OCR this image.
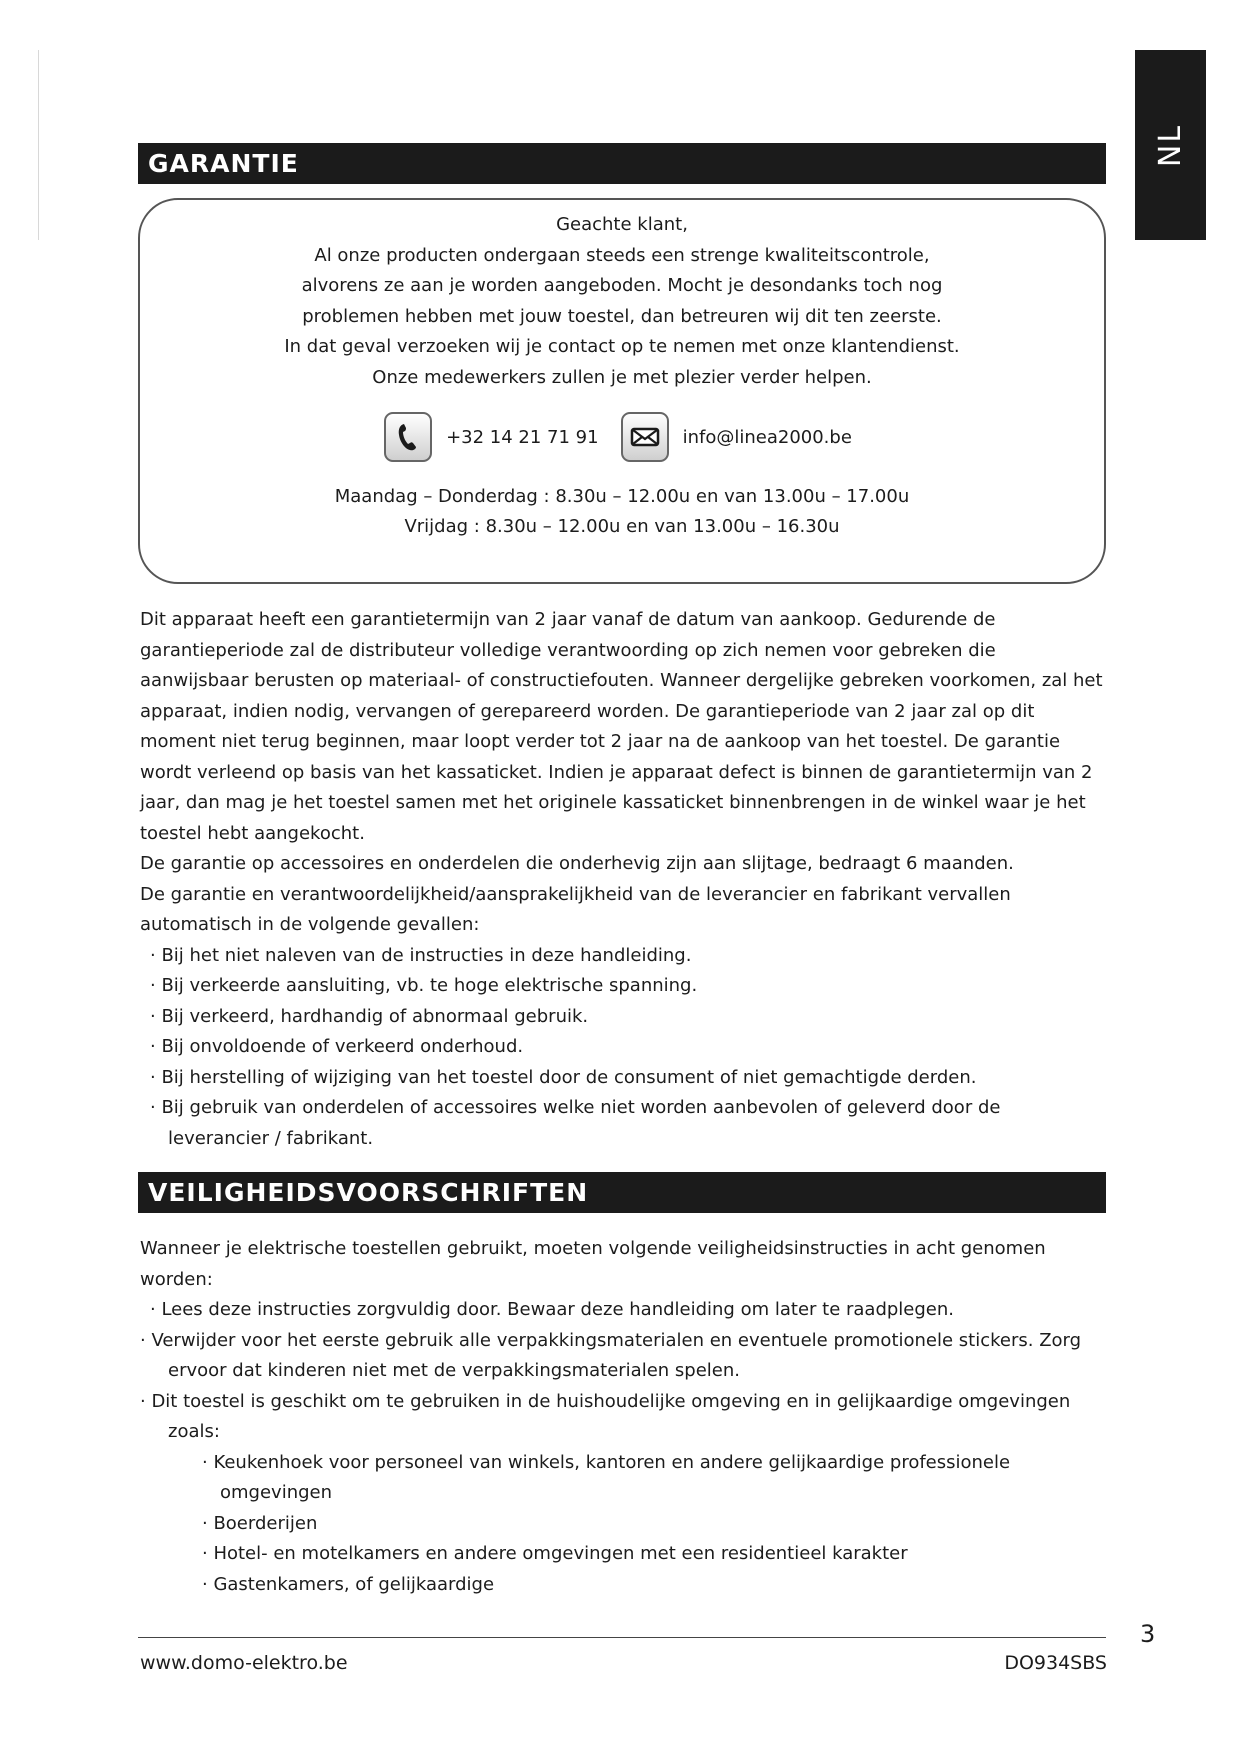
NL
GARANTIE
Geachte klant,
Al onze producten ondergaan steeds een strenge kwaliteitscontrole,
alvorens ze aan je worden aangeboden. Mocht je desondanks toch nog
problemen hebben met jouw toestel, dan betreuren wij dit ten zeerste.
In dat geval verzoeken wij je contact op te nemen met onze klantendienst.
Onze medewerkers zullen je met plezier verder helpen.
+32 14 21 71 91	info@linea2000.be
Maandag – Donderdag : 8.30u – 12.00u en van 13.00u – 17.00u
Vrijdag : 8.30u – 12.00u en van 13.00u – 16.30u

Dit apparaat heeft een garantietermijn van 2 jaar vanaf de datum van aankoop. Gedurende de garantieperiode zal de distributeur volledige verantwoording op zich nemen voor gebreken die aanwijsbaar berusten op materiaal- of constructiefouten. Wanneer dergelijke gebreken voorkomen, zal het apparaat, indien nodig, vervangen of gerepareerd worden. De garantieperiode van 2 jaar zal op dit moment niet terug beginnen, maar loopt verder tot 2 jaar na de aankoop van het toestel. De garantie wordt verleend op basis van het kassaticket. Indien je apparaat defect is binnen de garantietermijn van 2 jaar, dan mag je het toestel samen met het originele kassaticket binnenbrengen in de winkel waar je het toestel hebt aangekocht.

De garantie op accessoires en onderdelen die onderhevig zijn aan slijtage, bedraagt 6 maanden.

De garantie en verantwoordelijkheid/aansprakelijkheid van de leverancier en fabrikant vervallen automatisch in de volgende gevallen:

· Bij het niet naleven van de instructies in deze handleiding.
· Bij verkeerde aansluiting, vb. te hoge elektrische spanning.
· Bij verkeerd, hardhandig of abnormaal gebruik.
· Bij onvoldoende of verkeerd onderhoud.
· Bij herstelling of wijziging van het toestel door de consument of niet gemachtigde derden.
· Bij gebruik van onderdelen of accessoires welke niet worden aanbevolen of geleverd door de leverancier / fabrikant.
VEILIGHEIDSVOORSCHRIFTEN

Wanneer je elektrische toestellen gebruikt, moeten volgende veiligheidsinstructies in acht genomen worden:

· Lees deze instructies zorgvuldig door. Bewaar deze handleiding om later te raadplegen.
· Verwijder voor het eerste gebruik alle verpakkingsmaterialen en eventuele promotionele stickers. Zorg ervoor dat kinderen niet met de verpakkingsmaterialen spelen.
· Dit toestel is geschikt om te gebruiken in de huishoudelijke omgeving en in gelijkaardige omgevingen zoals:
· Keukenhoek voor personeel van winkels, kantoren en andere gelijkaardige professionele omgevingen
· Boerderijen
· Hotel- en motelkamers en andere omgevingen met een residentieel karakter
· Gastenkamers, of gelijkaardige
3
www.domo-elektro.be	DO934SBS
